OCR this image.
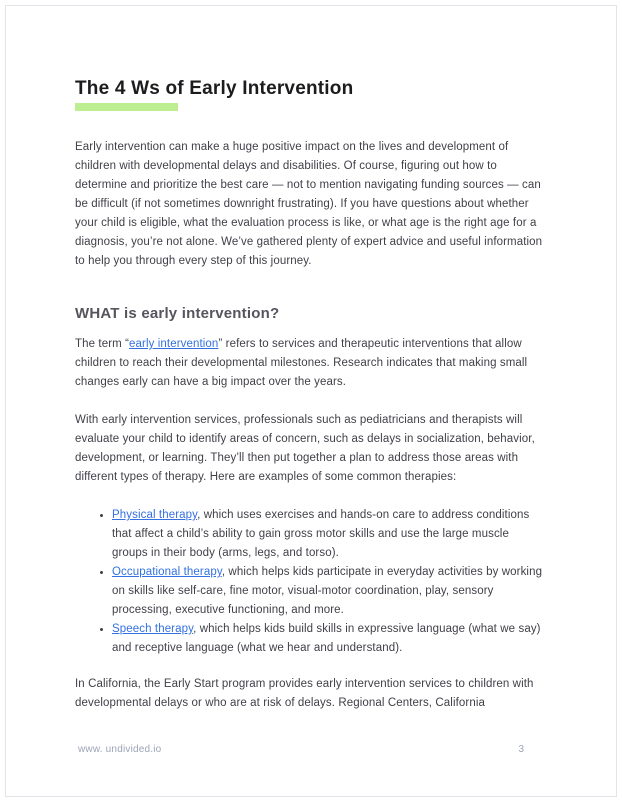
The 4 Ws of Early Intervention

Early intervention can make a huge positive impact on the lives and development of children with developmental delays and disabilities. Of course, figuring out how to determine and prioritize the best care — not to mention navigating funding sources — can be difficult (if not sometimes downright frustrating). If you have questions about whether your child is eligible, what the evaluation process is like, or what age is the right age for a diagnosis, you’re not alone. We’ve gathered plenty of expert advice and useful information to help you through every step of this journey.

WHAT is early intervention?

The term “early intervention” refers to services and therapeutic interventions that allow children to reach their developmental milestones. Research indicates that making small changes early can have a big impact over the years.

With early intervention services, professionals such as pediatricians and therapists will evaluate your child to identify areas of concern, such as delays in socialization, behavior, development, or learning. They’ll then put together a plan to address those areas with different types of therapy. Here are examples of some common therapies:

• Physical therapy, which uses exercises and hands-on care to address conditions that affect a child’s ability to gain gross motor skills and use the large muscle groups in their body (arms, legs, and torso).
• Occupational therapy, which helps kids participate in everyday activities by working on skills like self-care, fine motor, visual-motor coordination, play, sensory processing, executive functioning, and more.
• Speech therapy, which helps kids build skills in expressive language (what we say) and receptive language (what we hear and understand).

In California, the Early Start program provides early intervention services to children with developmental delays or who are at risk of delays. Regional Centers, California

www. undivided.io	3
